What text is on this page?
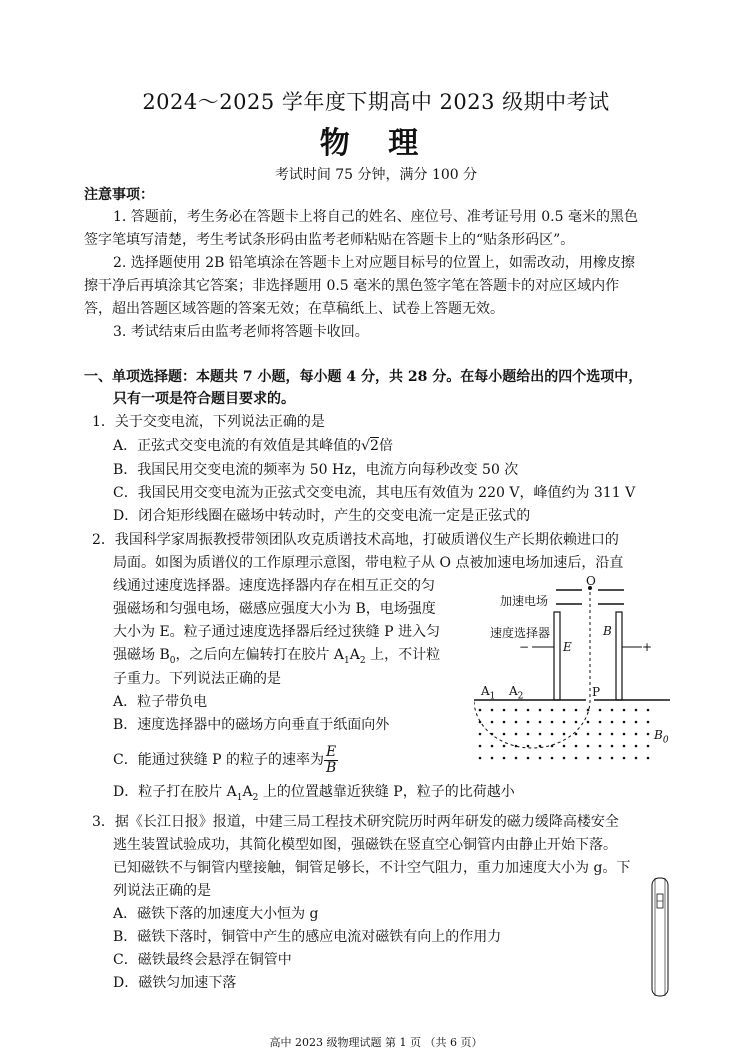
2024～2025 学年度下期高中 2023 级期中考试
物 理
考试时间 75 分钟，满分 100 分
注意事项：
1. 答题前，考生务必在答题卡上将自己的姓名、座位号、准考证号用 0.5 毫米的黑色
签字笔填写清楚，考生考试条形码由监考老师粘贴在答题卡上的“贴条形码区”。
2. 选择题使用 2B 铅笔填涂在答题卡上对应题目标号的位置上，如需改动，用橡皮擦
擦干净后再填涂其它答案；非选择题用 0.5 毫米的黑色签字笔在答题卡的对应区域内作
答，超出答题区域答题的答案无效；在草稿纸上、试卷上答题无效。
3. 考试结束后由监考老师将答题卡收回。
一、单项选择题：本题共 7 小题，每小题 4 分，共 28 分。在每小题给出的四个选项中，
只有一项是符合题目要求的。
1．关于交变电流，下列说法正确的是
A．正弦式交变电流的有效值是其峰值的√2倍
B．我国民用交变电流的频率为 50 Hz，电流方向每秒改变 50 次
C．我国民用交变电流为正弦式交变电流，其电压有效值为 220 V，峰值约为 311 V
D．闭合矩形线圈在磁场中转动时，产生的交变电流一定是正弦式的
2．我国科学家周振教授带领团队攻克质谱技术高地，打破质谱仪生产长期依赖进口的
局面。如图为质谱仪的工作原理示意图，带电粒子从 O 点被加速电场加速后，沿直
线通过速度选择器。速度选择器内存在相互正交的匀
强磁场和匀强电场，磁感应强度大小为 B，电场强度
大小为 E。粒子通过速度选择器后经过狭缝 P 进入匀
强磁场 $B_0$，之后向左偏转打在胶片 $A_1A_2$ 上，不计粒
子重力。下列说法正确的是
A．粒子带负电
B．速度选择器中的磁场方向垂直于纸面向外
C．能通过狭缝 P 的粒子的速率为 $\frac{E}{B}$
D．粒子打在胶片 $A_1A_2$ 上的位置越靠近狭缝 P，粒子的比荷越小
O
加速电场
速度选择器
−	+
E
B
$A_1$ $A_2$	P
$B_0$
3．据《长江日报》报道，中建三局工程技术研究院历时两年研发的磁力缓降高楼安全
逃生装置试验成功，其简化模型如图，强磁铁在竖直空心铜管内由静止开始下落。
已知磁铁不与铜管内壁接触，铜管足够长，不计空气阻力，重力加速度大小为 g。下
列说法正确的是
A．磁铁下落的加速度大小恒为 g
B．磁铁下落时，铜管中产生的感应电流对磁铁有向上的作用力
C．磁铁最终会悬浮在铜管中
D．磁铁匀加速下落
高中 2023 级物理试题 第 1 页 （共 6 页）
